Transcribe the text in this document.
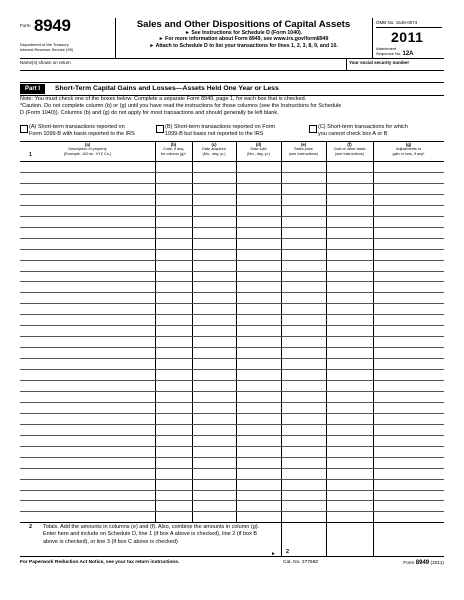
Form 8949
Department of the Treasury
Internal Revenue Service (99)
Sales and Other Dispositions of Capital Assets
► See Instructions for Schedule D (Form 1040).
► For more information about Form 8949, see www.irs.gov/form8949
► Attach to Schedule D to list your transactions for lines 1, 2, 3, 8, 9, and 10.
OMB No. 1545-0074
2011
Attachment
Sequence No. 12A
Name(s) shown on return	Your social security number
Part I	Short-Term Capital Gains and Losses—Assets Held One Year or Less
Note: You must check one of the boxes below. Complete a separate Form 8949, page 1, for each box that is checked.
*Caution. Do not complete column (b) or (g) until you have read the instructions for those columns (see the Instructions for Schedule
D (Form 1040)). Columns (b) and (g) do not apply for most transactions and should generally be left blank.
(A) Short-term transactions reported on
Form 1099-B with basis reported to the IRS
(B) Short-term transactions reported on Form
1099-B but basis not reported to the IRS
(C) Short-term transactions for which
you cannot check box A or B
1
(a)
Description of property
(Example: 100 sh. XYZ Co.)
(b)
Code, if any,
for column (g)*
(c)
Date acquired
(Mo., day, yr.)
(d)
Date sold
(Mo., day, yr.)
(e)
Sales price
(see instructions)
(f)
Cost or other basis
(see instructions)
(g)
Adjustments to
gain or loss, if any*
2 Totals. Add the amounts in columns (e) and (f). Also, combine the amounts in column (g). Enter here and include on Schedule D, line 1 (if box A above is checked), line 2 (if box B above is checked), or line 3 (if box C above is checked)
► 2
For Paperwork Reduction Act Notice, see your tax return instructions.	Cat. No. 37768Z	Form 8949 (2011)
